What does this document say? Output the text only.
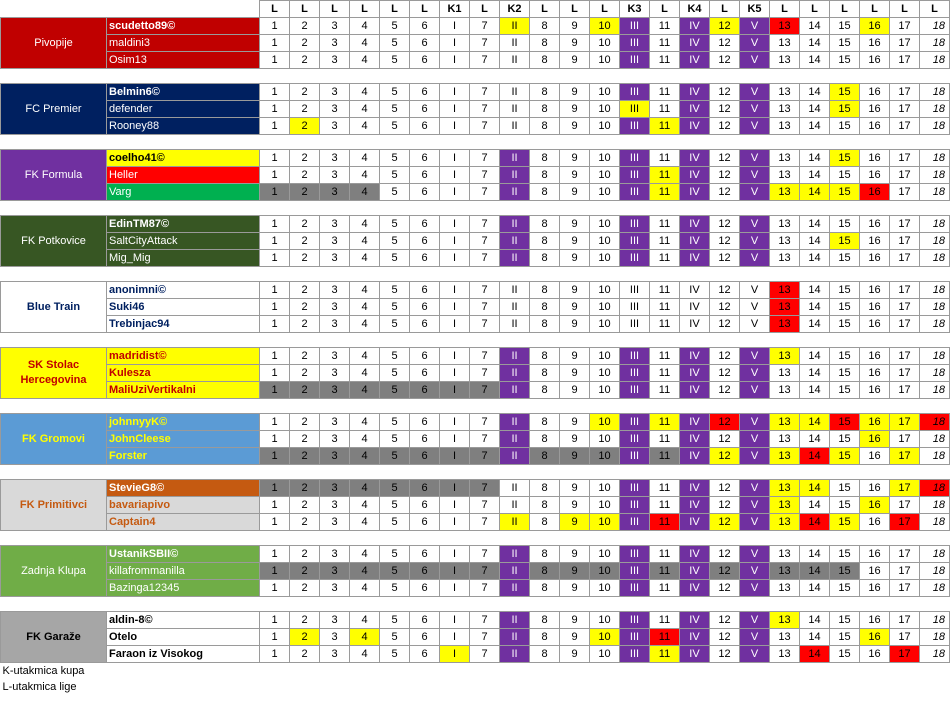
		L	L	L	L	L	L	K1	L	K2	L	L	L	K3	L	K4	L	K5	L	L	L	L	L	L
Pivopije	scudetto89©	1	2	3	4	5	6	I	7	II	8	9	10	III	11	IV	12	V	13	14	15	16	17	18
	maldini3	1	2	3	4	5	6	I	7	II	8	9	10	III	11	IV	12	V	13	14	15	16	17	18
	Osim13	1	2	3	4	5	6	I	7	II	8	9	10	III	11	IV	12	V	13	14	15	16	17	18

FC Premier	Belmin6©	1	2	3	4	5	6	I	7	II	8	9	10	III	11	IV	12	V	13	14	15	16	17	18
	defender	1	2	3	4	5	6	I	7	II	8	9	10	III	11	IV	12	V	13	14	15	16	17	18
	Rooney88	1	2	3	4	5	6	I	7	II	8	9	10	III	11	IV	12	V	13	14	15	16	17	18

FK Formula	coelho41©	1	2	3	4	5	6	I	7	II	8	9	10	III	11	IV	12	V	13	14	15	16	17	18
	Heller	1	2	3	4	5	6	I	7	II	8	9	10	III	11	IV	12	V	13	14	15	16	17	18
	Varg	1	2	3	4	5	6	I	7	II	8	9	10	III	11	IV	12	V	13	14	15	16	17	18

FK Potkovice	EdinTM87©	1	2	3	4	5	6	I	7	II	8	9	10	III	11	IV	12	V	13	14	15	16	17	18
	SaltCityAttack	1	2	3	4	5	6	I	7	II	8	9	10	III	11	IV	12	V	13	14	15	16	17	18
	Mig_Mig	1	2	3	4	5	6	I	7	II	8	9	10	III	11	IV	12	V	13	14	15	16	17	18

Blue Train	anonimni©	1	2	3	4	5	6	I	7	II	8	9	10	III	11	IV	12	V	13	14	15	16	17	18
	Suki46	1	2	3	4	5	6	I	7	II	8	9	10	III	11	IV	12	V	13	14	15	16	17	18
	Trebinjac94	1	2	3	4	5	6	I	7	II	8	9	10	III	11	IV	12	V	13	14	15	16	17	18

SK Stolac Hercegovina	madridist©	1	2	3	4	5	6	I	7	II	8	9	10	III	11	IV	12	V	13	14	15	16	17	18
	Kulesza	1	2	3	4	5	6	I	7	II	8	9	10	III	11	IV	12	V	13	14	15	16	17	18
	MaliUziVertikalni	1	2	3	4	5	6	I	7	II	8	9	10	III	11	IV	12	V	13	14	15	16	17	18

FK Gromovi	johnnyyK©	1	2	3	4	5	6	I	7	II	8	9	10	III	11	IV	12	V	13	14	15	16	17	18
	JohnCleese	1	2	3	4	5	6	I	7	II	8	9	10	III	11	IV	12	V	13	14	15	16	17	18
	Forster	1	2	3	4	5	6	I	7	II	8	9	10	III	11	IV	12	V	13	14	15	16	17	18

FK Primitivci	StevieG8©	1	2	3	4	5	6	I	7	II	8	9	10	III	11	IV	12	V	13	14	15	16	17	18
	bavariapivo	1	2	3	4	5	6	I	7	II	8	9	10	III	11	IV	12	V	13	14	15	16	17	18
	Captain4	1	2	3	4	5	6	I	7	II	8	9	10	III	11	IV	12	V	13	14	15	16	17	18

Zadnja Klupa	UstanikSBII©	1	2	3	4	5	6	I	7	II	8	9	10	III	11	IV	12	V	13	14	15	16	17	18
	killafrommanilla	1	2	3	4	5	6	I	7	II	8	9	10	III	11	IV	12	V	13	14	15	16	17	18
	Bazinga12345	1	2	3	4	5	6	I	7	II	8	9	10	III	11	IV	12	V	13	14	15	16	17	18

FK Garaže	aldin-8©	1	2	3	4	5	6	I	7	II	8	9	10	III	11	IV	12	V	13	14	15	16	17	18
	Otelo	1	2	3	4	5	6	I	7	II	8	9	10	III	11	IV	12	V	13	14	15	16	17	18
	Faraon iz Visokog	1	2	3	4	5	6	I	7	II	8	9	10	III	11	IV	12	V	13	14	15	16	17	18
K-utakmica kupa																								
L-utakmica lige																								
